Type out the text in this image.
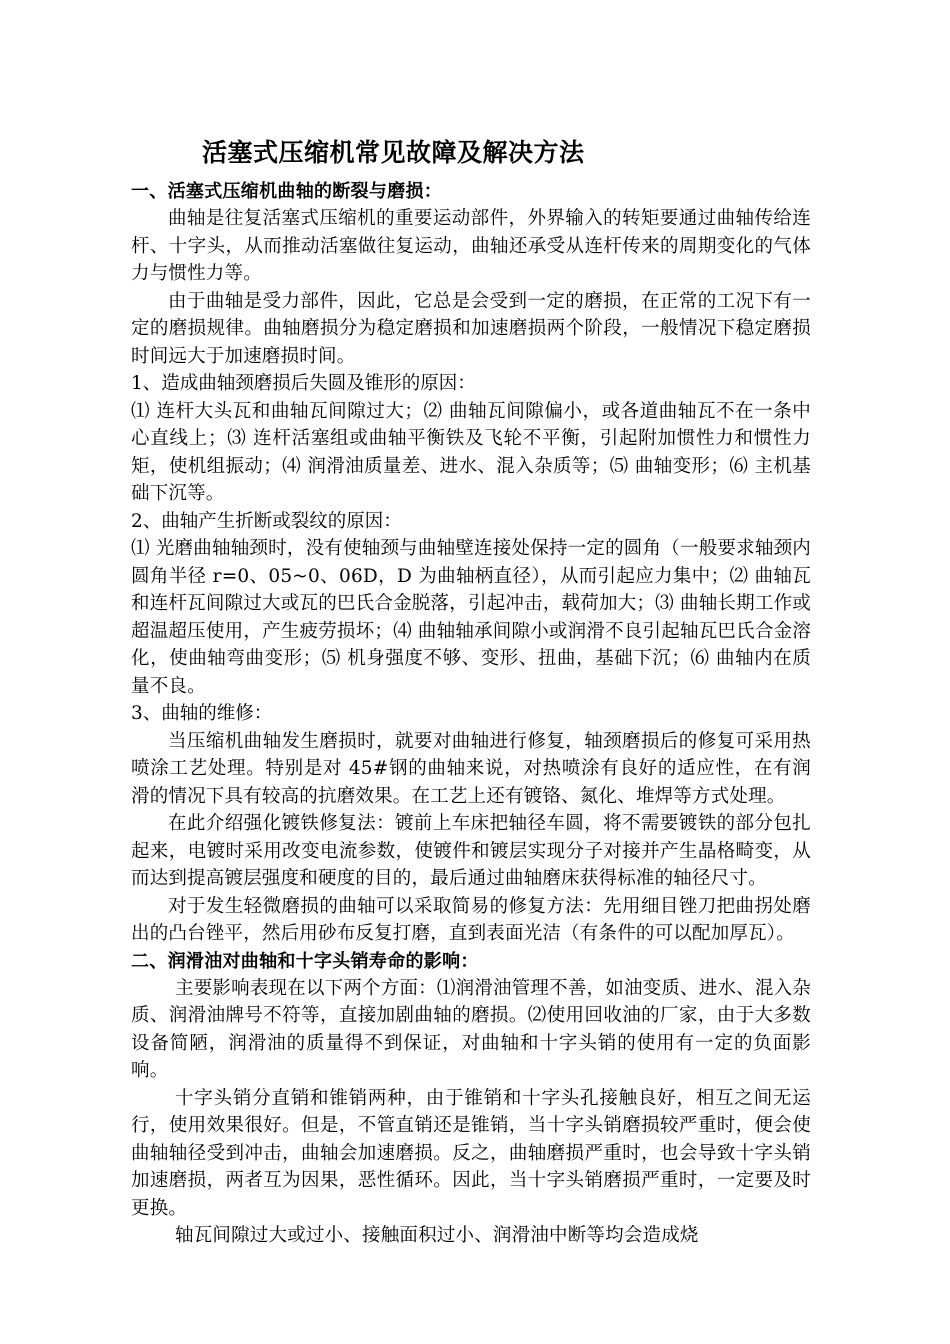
活塞式压缩机常见故障及解决方法
一、活塞式压缩机曲轴的断裂与磨损：

曲轴是往复活塞式压缩机的重要运动部件，外界输入的转矩要通过曲轴传给连杆、十字头，从而推动活塞做往复运动，曲轴还承受从连杆传来的周期变化的气体力与惯性力等。

由于曲轴是受力部件，因此，它总是会受到一定的磨损，在正常的工况下有一定的磨损规律。曲轴磨损分为稳定磨损和加速磨损两个阶段，一般情况下稳定磨损时间远大于加速磨损时间。

1、造成曲轴颈磨损后失圆及锥形的原因：

⑴ 连杆大头瓦和曲轴瓦间隙过大；⑵ 曲轴瓦间隙偏小，或各道曲轴瓦不在一条中心直线上；⑶ 连杆活塞组或曲轴平衡铁及飞轮不平衡，引起附加惯性力和惯性力矩，使机组振动；⑷ 润滑油质量差、进水、混入杂质等；⑸ 曲轴变形；⑹ 主机基础下沉等。

2、曲轴产生折断或裂纹的原因：

⑴ 光磨曲轴轴颈时，没有使轴颈与曲轴壁连接处保持一定的圆角（一般要求轴颈内圆角半径 r=0、05~0、06D，D 为曲轴柄直径），从而引起应力集中；⑵ 曲轴瓦和连杆瓦间隙过大或瓦的巴氏合金脱落，引起冲击，载荷加大；⑶ 曲轴长期工作或超温超压使用，产生疲劳损坏；⑷ 曲轴轴承间隙小或润滑不良引起轴瓦巴氏合金溶化，使曲轴弯曲变形；⑸ 机身强度不够、变形、扭曲，基础下沉；⑹ 曲轴内在质量不良。

3、曲轴的维修：

当压缩机曲轴发生磨损时，就要对曲轴进行修复，轴颈磨损后的修复可采用热喷涂工艺处理。特别是对 45#钢的曲轴来说，对热喷涂有良好的适应性，在有润滑的情况下具有较高的抗磨效果。在工艺上还有镀铬、氮化、堆焊等方式处理。

在此介绍强化镀铁修复法：镀前上车床把轴径车圆，将不需要镀铁的部分包扎起来，电镀时采用改变电流参数，使镀件和镀层实现分子对接并产生晶格畸变，从而达到提高镀层强度和硬度的目的，最后通过曲轴磨床获得标准的轴径尺寸。

对于发生轻微磨损的曲轴可以采取简易的修复方法：先用细目锉刀把曲拐处磨出的凸台锉平，然后用砂布反复打磨，直到表面光洁（有条件的可以配加厚瓦）。

二、润滑油对曲轴和十字头销寿命的影响：

主要影响表现在以下两个方面：⑴润滑油管理不善，如油变质、进水、混入杂质、润滑油牌号不符等，直接加剧曲轴的磨损。⑵使用回收油的厂家，由于大多数设备简陋，润滑油的质量得不到保证，对曲轴和十字头销的使用有一定的负面影响。

十字头销分直销和锥销两种，由于锥销和十字头孔接触良好，相互之间无运行，使用效果很好。但是，不管直销还是锥销，当十字头销磨损较严重时，便会使曲轴轴径受到冲击，曲轴会加速磨损。反之，曲轴磨损严重时，也会导致十字头销加速磨损，两者互为因果，恶性循环。因此，当十字头销磨损严重时，一定要及时更换。

轴瓦间隙过大或过小、接触面积过小、润滑油中断等均会造成烧
